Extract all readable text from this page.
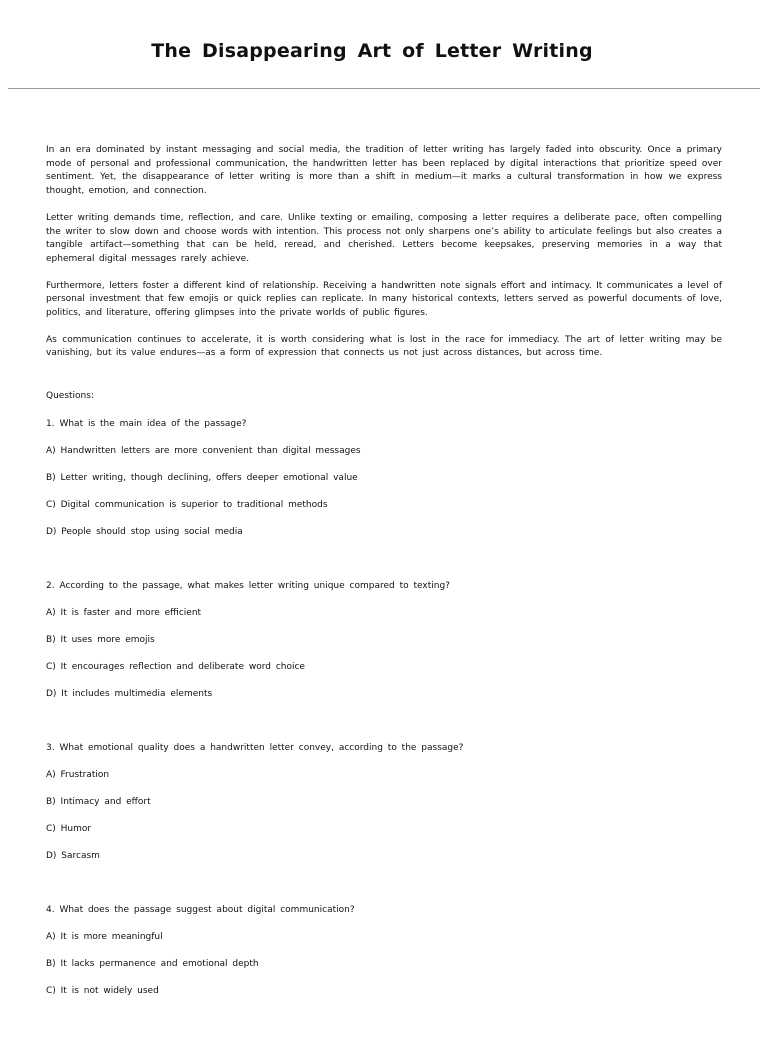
The Disappearing Art of Letter Writing

In an era dominated by instant messaging and social media, the tradition of letter writing has largely faded into obscurity. Once a primary mode of personal and professional communication, the handwritten letter has been replaced by digital interactions that prioritize speed over sentiment. Yet, the disappearance of letter writing is more than a shift in medium—it marks a cultural transformation in how we express thought, emotion, and connection.

Letter writing demands time, reflection, and care. Unlike texting or emailing, composing a letter requires a deliberate pace, often compelling the writer to slow down and choose words with intention. This process not only sharpens one’s ability to articulate feelings but also creates a tangible artifact—something that can be held, reread, and cherished. Letters become keepsakes, preserving memories in a way that ephemeral digital messages rarely achieve.

Furthermore, letters foster a different kind of relationship. Receiving a handwritten note signals effort and intimacy. It communicates a level of personal investment that few emojis or quick replies can replicate. In many historical contexts, letters served as powerful documents of love, politics, and literature, offering glimpses into the private worlds of public figures.

As communication continues to accelerate, it is worth considering what is lost in the race for immediacy. The art of letter writing may be vanishing, but its value endures—as a form of expression that connects us not just across distances, but across time.

Questions:
1. What is the main idea of the passage?
A) Handwritten letters are more convenient than digital messages
B) Letter writing, though declining, offers deeper emotional value
C) Digital communication is superior to traditional methods
D) People should stop using social media
2. According to the passage, what makes letter writing unique compared to texting?
A) It is faster and more efficient
B) It uses more emojis
C) It encourages reflection and deliberate word choice
D) It includes multimedia elements
3. What emotional quality does a handwritten letter convey, according to the passage?
A) Frustration
B) Intimacy and effort
C) Humor
D) Sarcasm
4. What does the passage suggest about digital communication?
A) It is more meaningful
B) It lacks permanence and emotional depth
C) It is not widely used
